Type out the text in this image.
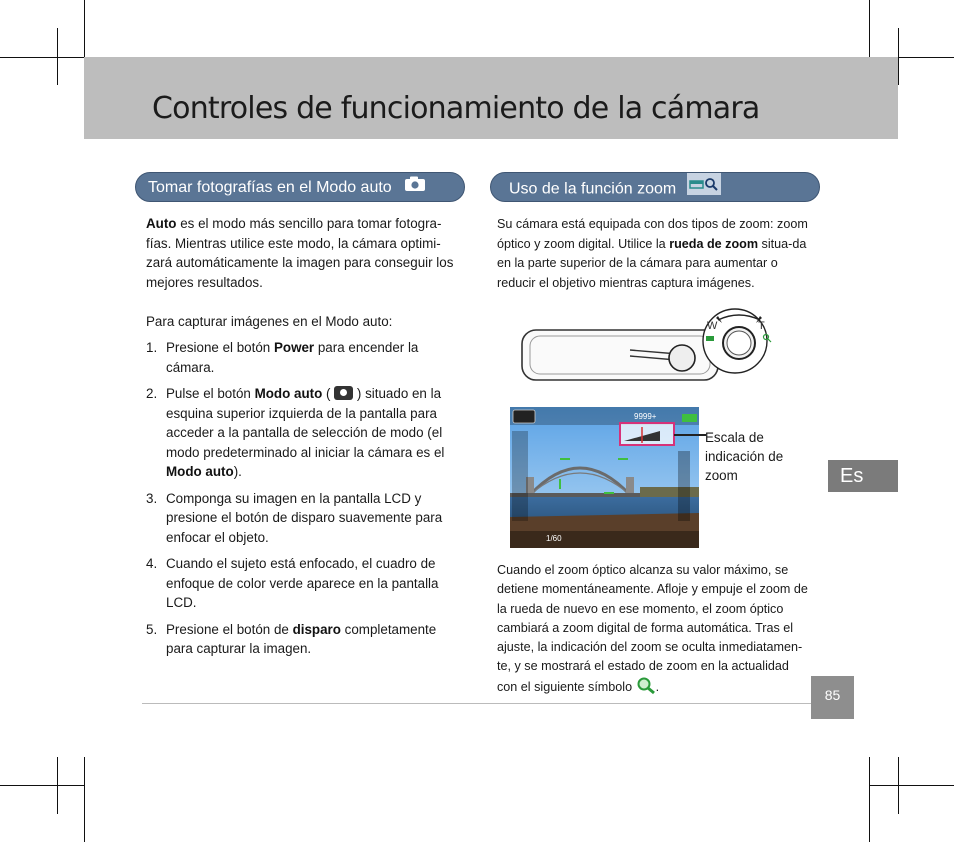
Controles de funcionamiento de la cámara
Tomar fotografías en el Modo auto	Uso de la función zoom

Auto es el modo más sencillo para tomar fotogra-fías. Mientras utilice este modo, la cámara optimi-zará automáticamente la imagen para conseguir los mejores resultados.

Para capturar imágenes en el Modo auto:

1. Presione el botón Power para encender la cámara.
2. Pulse el botón Modo auto (  ) situado en la esquina superior izquierda de la pantalla para acceder a la pantalla de selección de modo (el modo predeterminado al iniciar la cámara es el Modo auto).
3. Componga su imagen en la pantalla LCD y presione el botón de disparo suavemente para enfocar el objeto.
4. Cuando el sujeto está enfocado, el cuadro de enfoque de color verde aparece en la pantalla LCD.
5. Presione el botón de disparo completamente para capturar la imagen.

Su cámara está equipada con dos tipos de zoom: zoom óptico y zoom digital. Utilice la rueda de zoom situa-da en la parte superior de la cámara para aumentar o reducir el objetivo mientras captura imágenes.

W	T
9999+
1/60
Escala de indicación de zoom

Cuando el zoom óptico alcanza su valor máximo, se detiene momentáneamente. Afloje y empuje el zoom de la rueda de nuevo en ese momento, el zoom óptico cambiará a zoom digital de forma automática. Tras el ajuste, la indicación del zoom se oculta inmediatamen-te, y se mostrará el estado de zoom en la actualidad con el siguiente símbolo .

Es
85
